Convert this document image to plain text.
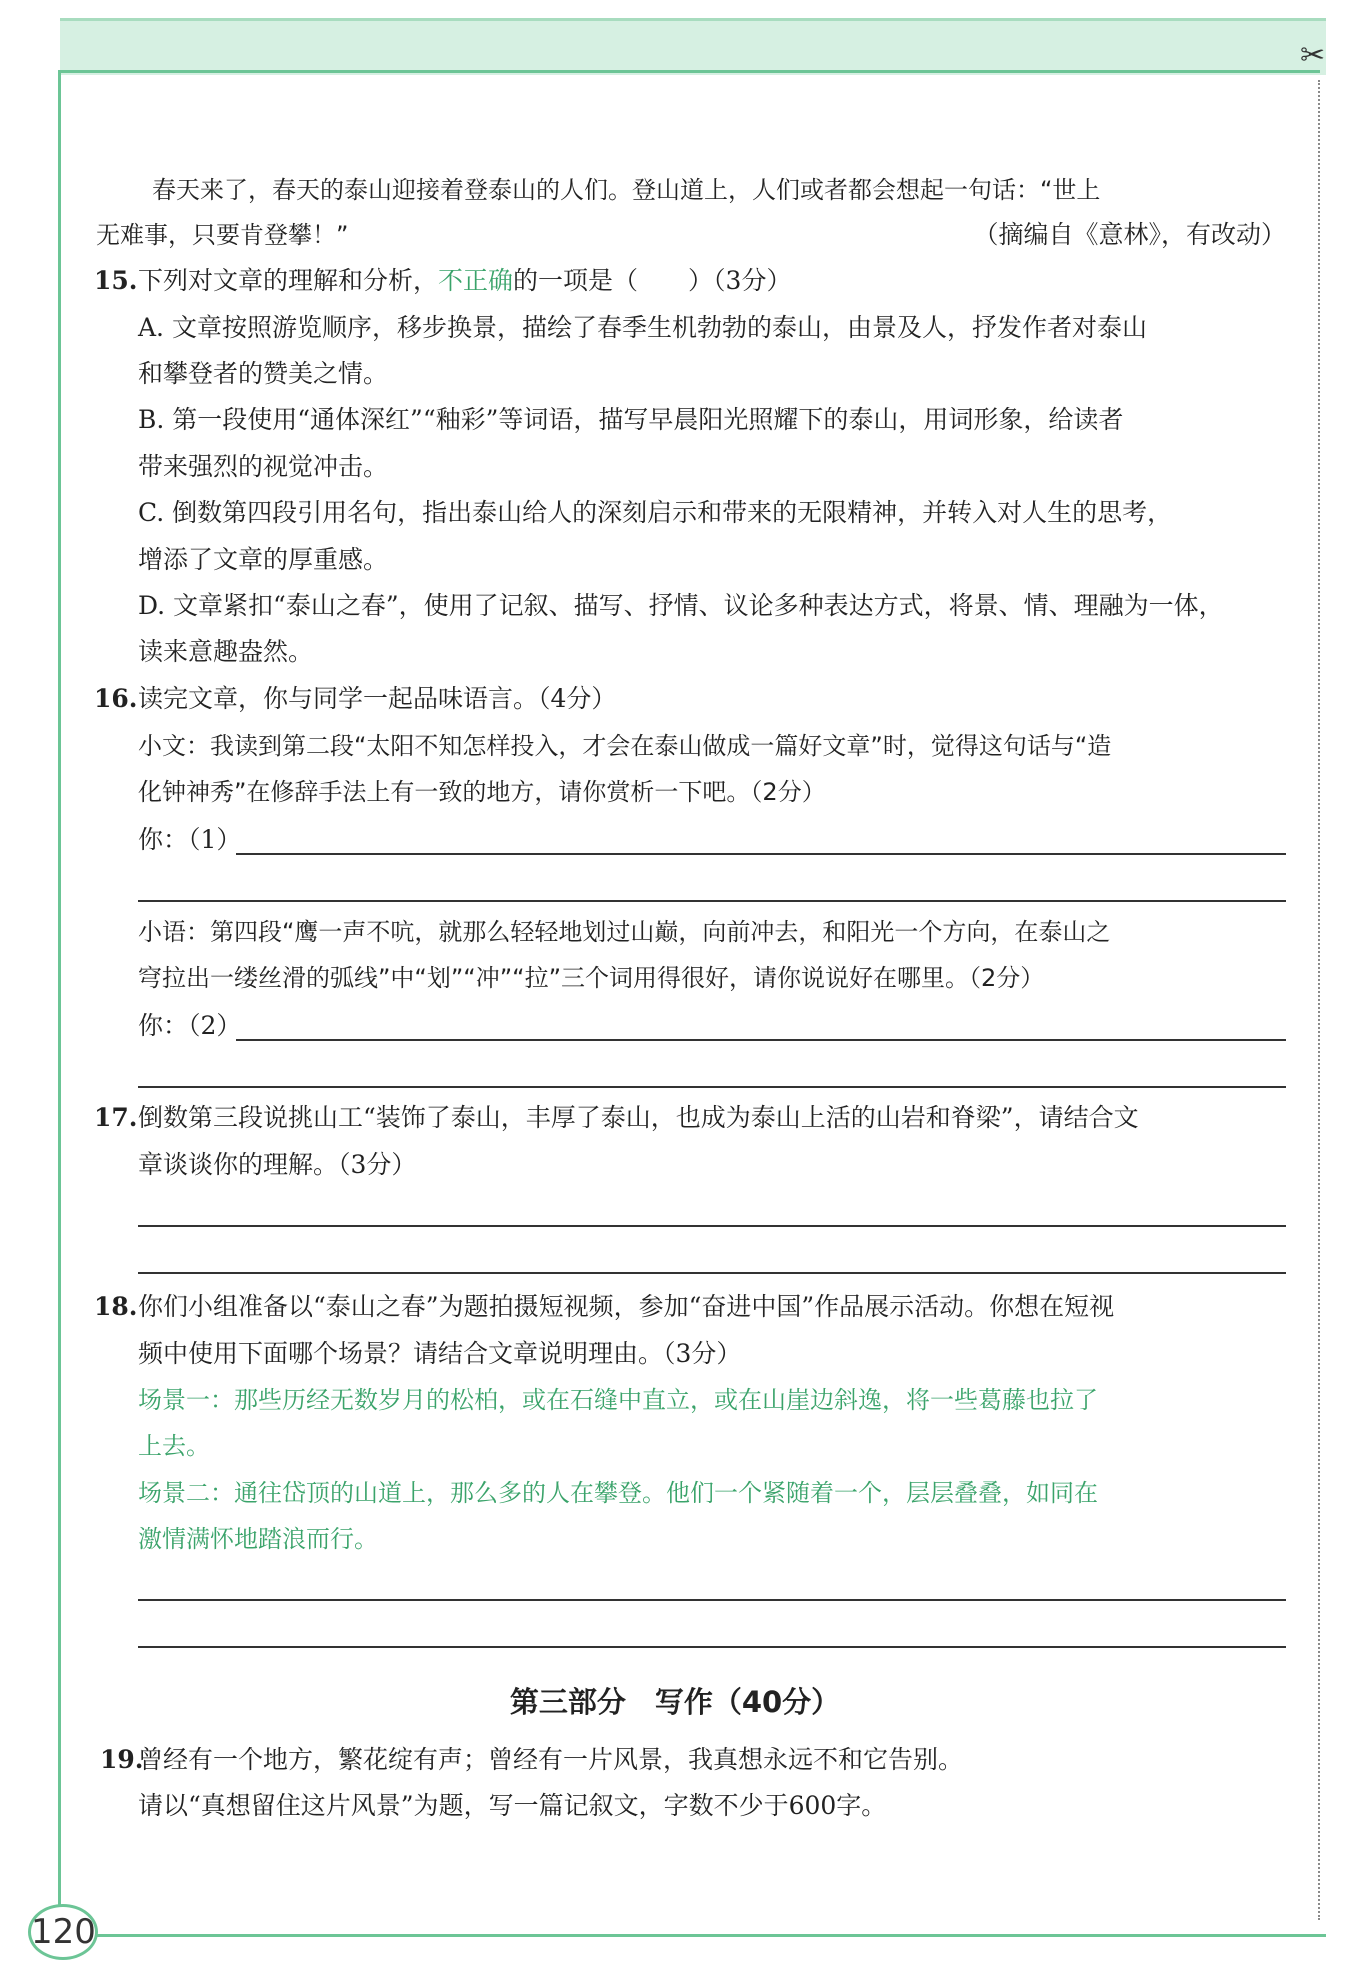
✂
120
春天来了，春天的泰山迎接着登泰山的人们。登山道上，人们或者都会想起一句话：“世上
无难事，只要肯登攀！”	（摘编自《意林》，有改动）
15. 下列对文章的理解和分析，不正确的一项是（　　）（3分）
A. 文章按照游览顺序，移步换景，描绘了春季生机勃勃的泰山，由景及人，抒发作者对泰山
和攀登者的赞美之情。
B. 第一段使用“通体深红”“釉彩”等词语，描写早晨阳光照耀下的泰山，用词形象，给读者
带来强烈的视觉冲击。
C. 倒数第四段引用名句，指出泰山给人的深刻启示和带来的无限精神，并转入对人生的思考，
增添了文章的厚重感。
D. 文章紧扣“泰山之春”，使用了记叙、描写、抒情、议论多种表达方式，将景、情、理融为一体，
读来意趣盎然。
16. 读完文章，你与同学一起品味语言。（4分）
小文：我读到第二段“太阳不知怎样投入，才会在泰山做成一篇好文章”时，觉得这句话与“造
化钟神秀”在修辞手法上有一致的地方，请你赏析一下吧。（2分）
你：（1）
小语：第四段“鹰一声不吭，就那么轻轻地划过山巅，向前冲去，和阳光一个方向，在泰山之
穹拉出一缕丝滑的弧线”中“划”“冲”“拉”三个词用得很好，请你说说好在哪里。（2分）
你：（2）
17. 倒数第三段说挑山工“装饰了泰山，丰厚了泰山，也成为泰山上活的山岩和脊梁”，请结合文
章谈谈你的理解。（3分）
18. 你们小组准备以“泰山之春”为题拍摄短视频，参加“奋进中国”作品展示活动。你想在短视
频中使用下面哪个场景？请结合文章说明理由。（3分）
场景一：那些历经无数岁月的松柏，或在石缝中直立，或在山崖边斜逸，将一些葛藤也拉了
上去。
场景二：通往岱顶的山道上，那么多的人在攀登。他们一个紧随着一个，层层叠叠，如同在
激情满怀地踏浪而行。
第三部分　写作（40分）
19.
曾经有一个地方，繁花绽有声；曾经有一片风景，我真想永远不和它告别。
请以“真想留住这片风景”为题，写一篇记叙文，字数不少于600字。
